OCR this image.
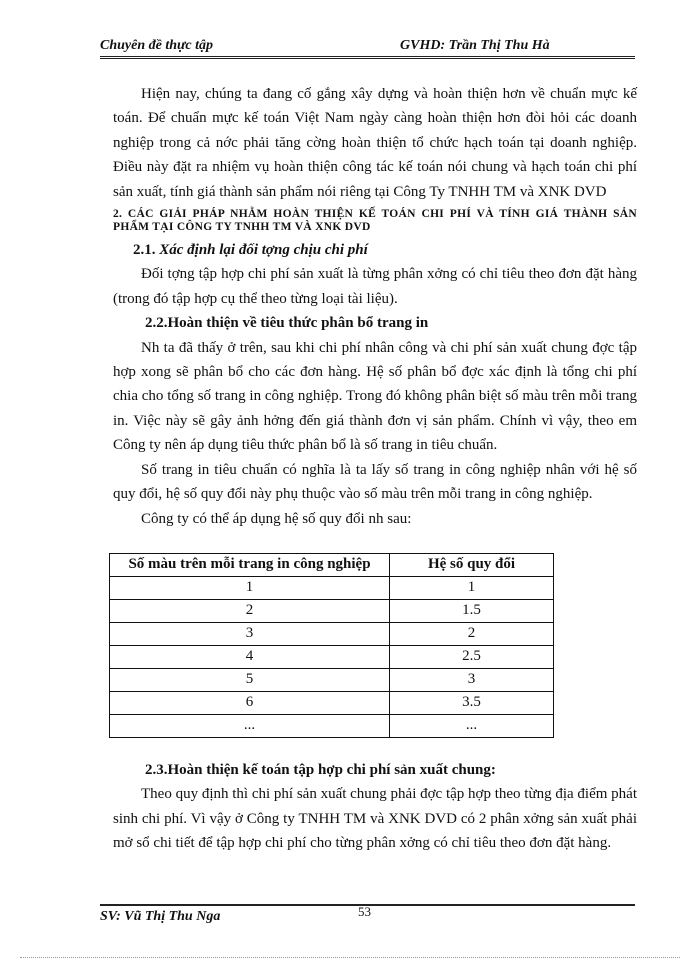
Chuyên đề thực tập	GVHD: Trần Thị Thu Hà

Hiện nay, chúng ta đang cố gắng xây dựng và hoàn thiện hơn về chuẩn mực kế toán. Để chuẩn mực kế toán Việt Nam ngày càng hoàn thiện hơn đòi hỏi các doanh nghiệp trong cả nớc phải tăng cờng hoàn thiện tổ chức hạch toán tại doanh nghiệp. Điều này đặt ra nhiệm vụ hoàn thiện công tác kế toán nói chung và hạch toán chi phí sản xuất, tính giá thành sản phẩm nói riêng tại Công Ty TNHH TM và XNK DVD

2. CÁC GIẢI PHÁP NHẰM HOÀN THIỆN KẾ TOÁN CHI PHÍ VÀ TÍNH GIÁ THÀNH SẢN PHẨM TẠI CÔNG TY TNHH TM VÀ XNK DVD

2.1. Xác định lại đối tợng chịu chi phí

Đối tợng tập hợp chi phí sản xuất là từng phân xởng có chỉ tiêu theo đơn đặt hàng (trong đó tập hợp cụ thể theo từng loại tài liệu).

2.2.Hoàn thiện về tiêu thức phân bổ trang in

Nh ta đã thấy ở trên, sau khi chi phí nhân công và chi phí sản xuất chung đợc tập hợp xong sẽ phân bổ cho các đơn hàng. Hệ số phân bổ đợc xác định là tổng chi phí chia cho tổng số trang in công nghiệp. Trong đó không phân biệt số màu trên mỗi trang in. Việc này sẽ gây ảnh hởng đến giá thành đơn vị sản phẩm. Chính vì vậy, theo em Công ty nên áp dụng tiêu thức phân bổ là số trang in tiêu chuẩn.

Số trang in tiêu chuẩn có nghĩa là ta lấy số trang in công nghiệp nhân với hệ số quy đổi, hệ số quy đổi này phụ thuộc vào số màu trên mỗi trang in công nghiệp.

Công ty có thể áp dụng hệ số quy đổi nh sau:

Số màu trên mỗi trang in công nghiệp	Hệ số quy đổi
1	1
2	1.5
3	2
4	2.5
5	3
6	3.5
...	...

2.3.Hoàn thiện kế toán tập hợp chi phí sản xuất chung:

Theo quy định thì chi phí sản xuất chung phải đợc tập hợp theo từng địa điểm phát sinh chi phí. Vì vậy ở Công ty TNHH TM và XNK DVD có 2 phân xởng sản xuất phải mở sổ chi tiết để tập hợp chi phí cho từng phân xởng có chỉ tiêu theo đơn đặt hàng.

SV: Vũ Thị Thu Nga	53
